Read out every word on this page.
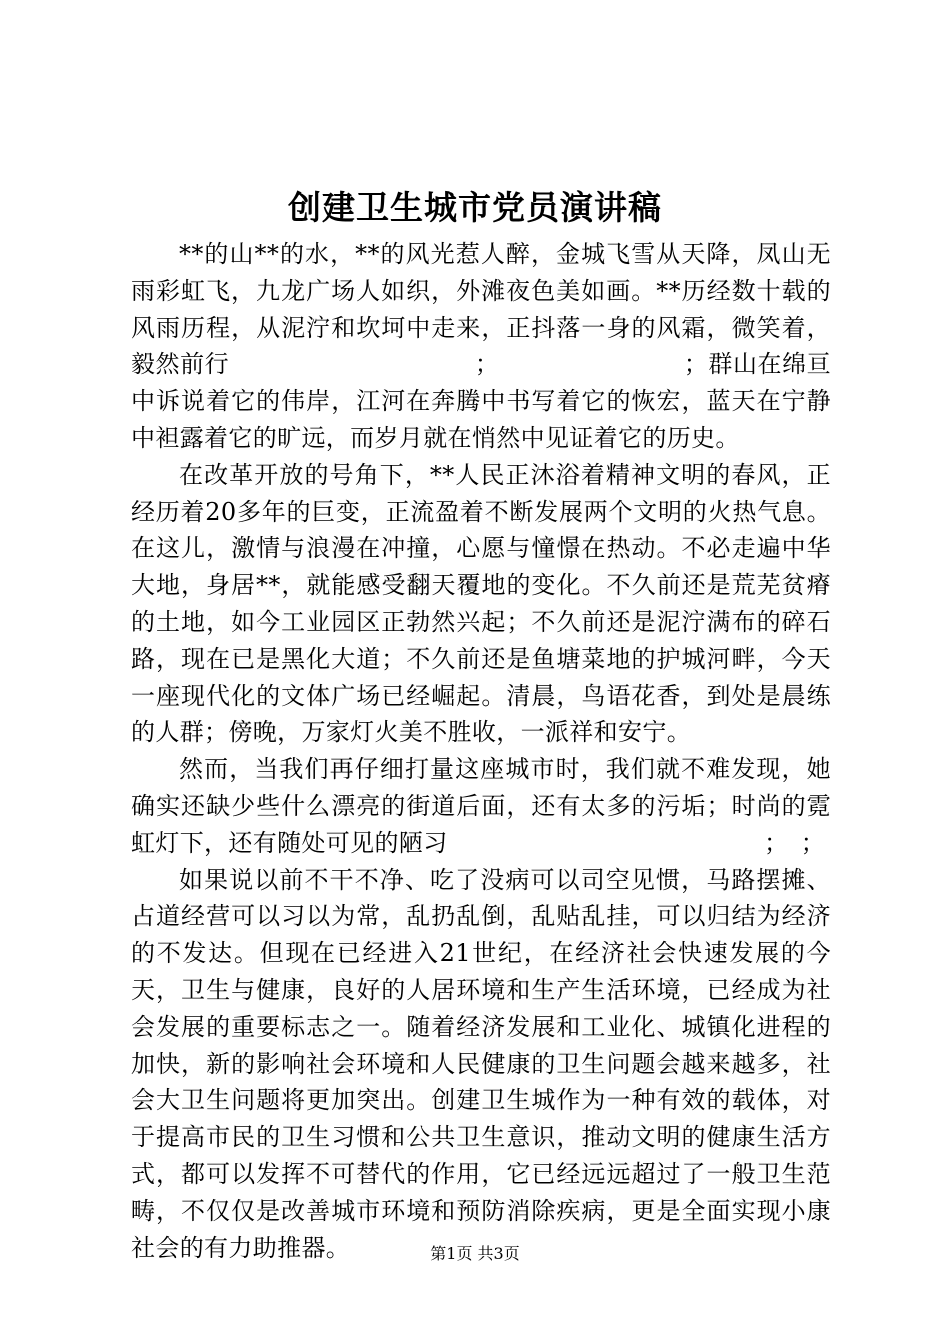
创建卫生城市党员演讲稿

**的山**的水，**的风光惹人醉，金城飞雪从天降，凤山无雨彩虹飞，九龙广场人如织，外滩夜色美如画。**历经数十载的风雨历程，从泥泞和坎坷中走来，正抖落一身的风霜，微笑着，毅然前行　　　　　　　　　　；　　　　　　　　；群山在绵亘中诉说着它的伟岸，江河在奔腾中书写着它的恢宏，蓝天在宁静中袒露着它的旷远，而岁月就在悄然中见证着它的历史。

在改革开放的号角下，**人民正沐浴着精神文明的春风，正经历着20多年的巨变，正流盈着不断发展两个文明的火热气息。在这儿，激情与浪漫在冲撞，心愿与憧憬在热动。不必走遍中华大地，身居**，就能感受翻天覆地的变化。不久前还是荒芜贫瘠的土地，如今工业园区正勃然兴起；不久前还是泥泞满布的碎石路，现在已是黑化大道；不久前还是鱼塘菜地的护城河畔，今天一座现代化的文体广场已经崛起。清晨，鸟语花香，到处是晨练的人群；傍晚，万家灯火美不胜收，一派祥和安宁。

然而，当我们再仔细打量这座城市时，我们就不难发现，她确实还缺少些什么漂亮的街道后面，还有太多的污垢；时尚的霓虹灯下，还有随处可见的陋习　　　　　　　　　　　　　；　；

如果说以前不干不净、吃了没病可以司空见惯，马路摆摊、占道经营可以习以为常，乱扔乱倒，乱贴乱挂，可以归结为经济的不发达。但现在已经进入21世纪，在经济社会快速发展的今天，卫生与健康，良好的人居环境和生产生活环境，已经成为社会发展的重要标志之一。随着经济发展和工业化、城镇化进程的加快，新的影响社会环境和人民健康的卫生问题会越来越多，社会大卫生问题将更加突出。创建卫生城作为一种有效的载体，对于提高市民的卫生习惯和公共卫生意识，推动文明的健康生活方式，都可以发挥不可替代的作用，它已经远远超过了一般卫生范畴，不仅仅是改善城市环境和预防消除疾病，更是全面实现小康社会的有力助推器。	第1页 共3页
